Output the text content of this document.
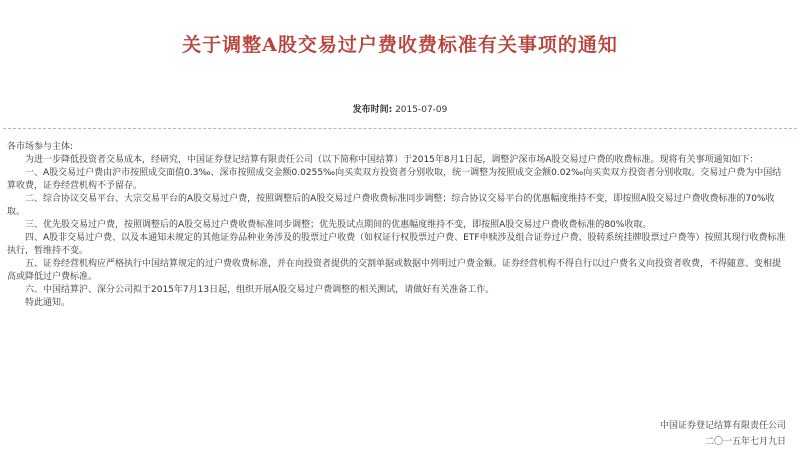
关于调整A股交易过户费收费标准有关事项的通知
发布时间: 2015-07-09

各市场参与主体:

为进一步降低投资者交易成本，经研究，中国证券登记结算有限责任公司（以下简称中国结算）于2015年8月1日起，调整沪深市场A股交易过户费的收费标准。现将有关事项通知如下：

一、A股交易过户费由沪市按照成交面值0.3‰、深市按照成交金额0.0255‰向买卖双方投资者分别收取，统一调整为按照成交金额0.02‰向买卖双方投资者分别收取。交易过户费为中国结算收费，证券经营机构不予留存。

二、综合协议交易平台、大宗交易平台的A股交易过户费，按照调整后的A股交易过户费收费标准同步调整；综合协议交易平台的优惠幅度维持不变，即按照A股交易过户费收费标准的70%收取。

三、优先股交易过户费，按照调整后的A股交易过户费收费标准同步调整；优先股试点期间的优惠幅度维持不变，即按照A股交易过户费收费标准的80%收取。

四、A股非交易过户费、以及本通知未规定的其他证券品种业务涉及的股票过户收费（如权证行权股票过户费、ETF申赎涉及组合证券过户费、股转系统挂牌股票过户费等）按照其现行收费标准执行，暂维持不变。

五、证券经营机构应严格执行中国结算规定的过户费收费标准，并在向投资者提供的交割单据或数据中列明过户费金额。证券经营机构不得自行以过户费名义向投资者收费，不得随意、变相提高或降低过户费标准。

六、中国结算沪、深分公司拟于2015年7月13日起，组织开展A股交易过户费调整的相关测试，请做好有关准备工作。

特此通知。

中国证券登记结算有限责任公司
二〇一五年七月九日
